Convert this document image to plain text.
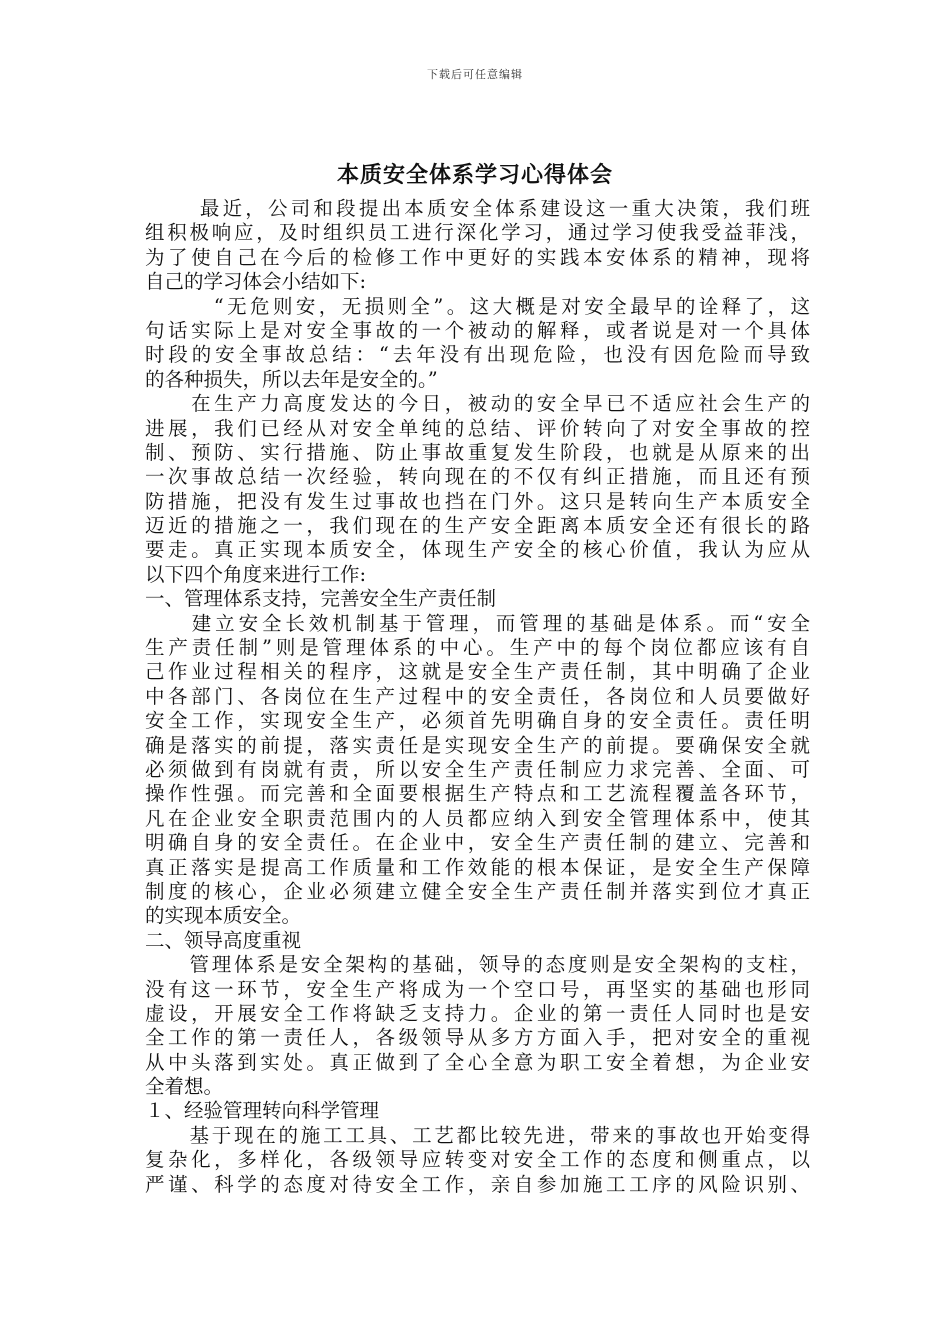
下载后可任意编辑
本质安全体系学习心得体会
　　 最近，公司和段提出本质安全体系建设这一重大决策，我们班
组积极响应，及时组织员工进行深化学习，通过学习使我受益菲浅，
为了使自己在今后的检修工作中更好的实践本安体系的精神，现将
自己的学习体会小结如下:
　　　“无危则安，无损则全”。这大概是对安全最早的诠释了，这
句话实际上是对安全事故的一个被动的解释，或者说是对一个具体
时段的安全事故总结：“去年没有出现危险，也没有因危险而导致
的各种损失，所以去年是安全的。”
　　在生产力高度发达的今日，被动的安全早已不适应社会生产的
进展，我们已经从对安全单纯的总结、评价转向了对安全事故的控
制、预防、实行措施、防止事故重复发生阶段，也就是从原来的出
一次事故总结一次经验，转向现在的不仅有纠正措施，而且还有预
防措施，把没有发生过事故也挡在门外。这只是转向生产本质安全
迈近的措施之一，我们现在的生产安全距离本质安全还有很长的路
要走。真正实现本质安全，体现生产安全的核心价值，我认为应从
以下四个角度来进行工作:
一、管理体系支持，完善安全生产责任制
　　建立安全长效机制基于管理，而管理的基础是体系。而“安全
生产责任制”则是管理体系的中心。生产中的每个岗位都应该有自
己作业过程相关的程序，这就是安全生产责任制，其中明确了企业
中各部门、各岗位在生产过程中的安全责任，各岗位和人员要做好
安全工作，实现安全生产，必须首先明确自身的安全责任。责任明
确是落实的前提，落实责任是实现安全生产的前提。要确保安全就
必须做到有岗就有责，所以安全生产责任制应力求完善、全面、可
操作性强。而完善和全面要根据生产特点和工艺流程覆盖各环节，
凡在企业安全职责范围内的人员都应纳入到安全管理体系中，使其
明确自身的安全责任。在企业中，安全生产责任制的建立、完善和
真正落实是提高工作质量和工作效能的根本保证，是安全生产保障
制度的核心，企业必须建立健全安全生产责任制并落实到位才真正
的实现本质安全。
二、领导高度重视
　　管理体系是安全架构的基础，领导的态度则是安全架构的支柱，
没有这一环节，安全生产将成为一个空口号，再坚实的基础也形同
虚设，开展安全工作将缺乏支持力。企业的第一责任人同时也是安
全工作的第一责任人，各级领导从多方方面入手，把对安全的重视
从中头落到实处。真正做到了全心全意为职工安全着想，为企业安
全着想。
１、经验管理转向科学管理
　　基于现在的施工工具、工艺都比较先进，带来的事故也开始变得
复杂化，多样化，各级领导应转变对安全工作的态度和侧重点，以
严谨、科学的态度对待安全工作，亲自参加施工工序的风险识别、
